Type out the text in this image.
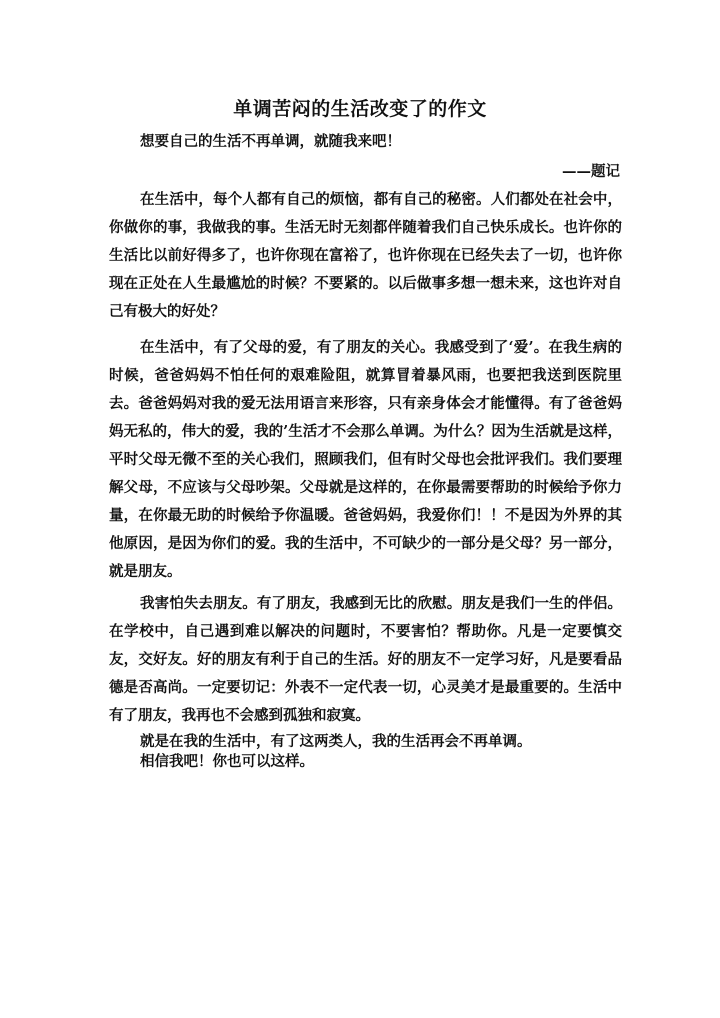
单调苦闷的生活改变了的作文

想要自己的生活不再单调，就随我来吧！

——题记

在生活中，每个人都有自己的烦恼，都有自己的秘密。人们都处在社会中，你做你的事，我做我的事。生活无时无刻都伴随着我们自己快乐成长。也许你的生活比以前好得多了，也许你现在富裕了，也许你现在已经失去了一切，也许你现在正处在人生最尴尬的时候？不要紧的。以后做事多想一想未来，这也许对自己有极大的好处？

在生活中，有了父母的爱，有了朋友的关心。我感受到了‘爱’。在我生病的时候，爸爸妈妈不怕任何的艰难险阻，就算冒着暴风雨，也要把我送到医院里去。爸爸妈妈对我的爱无法用语言来形容，只有亲身体会才能懂得。有了爸爸妈妈无私的，伟大的爱，我的’生活才不会那么单调。为什么？因为生活就是这样，平时父母无微不至的关心我们，照顾我们，但有时父母也会批评我们。我们要理解父母，不应该与父母吵架。父母就是这样的，在你最需要帮助的时候给予你力量，在你最无助的时候给予你温暖。爸爸妈妈，我爱你们！！不是因为外界的其他原因，是因为你们的爱。我的生活中，不可缺少的一部分是父母？另一部分，就是朋友。

我害怕失去朋友。有了朋友，我感到无比的欣慰。朋友是我们一生的伴侣。在学校中，自己遇到难以解决的问题时，不要害怕？帮助你。凡是一定要慎交友，交好友。好的朋友有利于自己的生活。好的朋友不一定学习好，凡是要看品德是否高尚。一定要切记：外表不一定代表一切，心灵美才是最重要的。生活中有了朋友，我再也不会感到孤独和寂寞。

就是在我的生活中，有了这两类人，我的生活再会不再单调。

相信我吧！你也可以这样。
